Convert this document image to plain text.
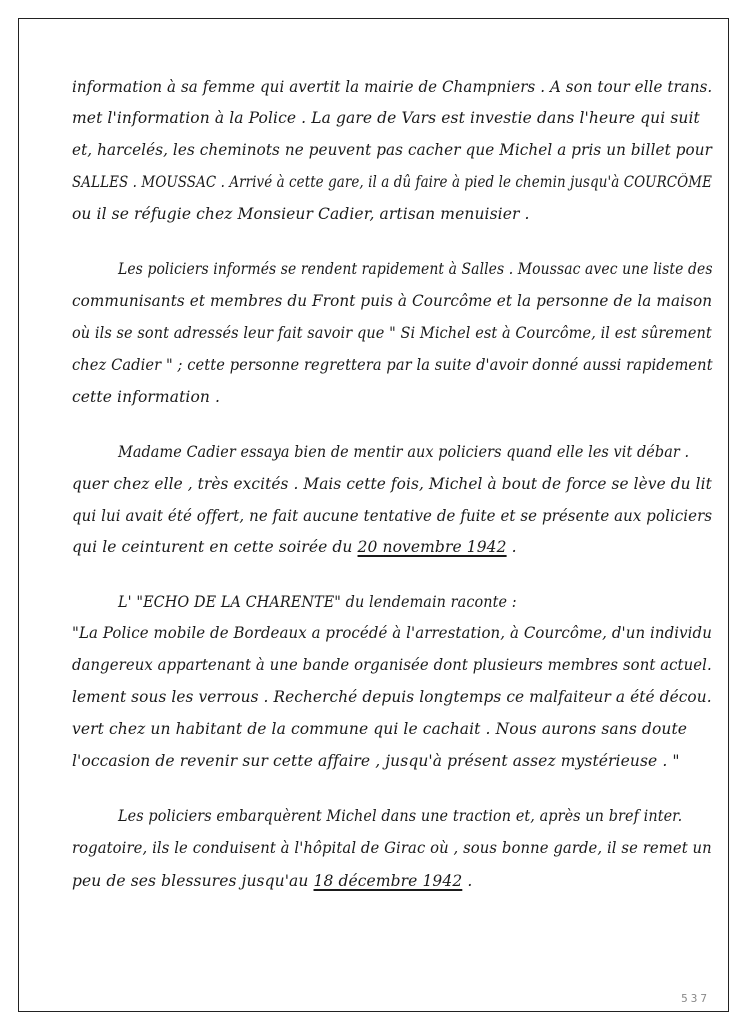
information à sa femme qui avertit la mairie de Champniers . A son tour elle trans.
met l'information à la Police . La gare de Vars est investie dans l'heure qui suit
et, harcelés, les cheminots ne peuvent pas cacher que Michel a pris un billet pour
SALLES . MOUSSAC . Arrivé à cette gare, il a dû faire à pied le chemin jusqu'à COURCÔME
ou il se réfugie chez Monsieur Cadier, artisan menuisier .
Les policiers informés se rendent rapidement à Salles . Moussac avec une liste des
communisants et membres du Front puis à Courcôme et la personne de la maison
où ils se sont adressés leur fait savoir que " Si Michel est à Courcôme, il est sûrement
chez Cadier " ; cette personne regrettera par la suite d'avoir donné aussi rapidement
cette information .
Madame Cadier essaya bien de mentir aux policiers quand elle les vit débar .
quer chez elle , très excités . Mais cette fois, Michel à bout de force se lève du lit
qui lui avait été offert, ne fait aucune tentative de fuite et se présente aux policiers
qui le ceinturent en cette soirée du 20 novembre 1942 .
L' "ECHO DE LA CHARENTE" du lendemain raconte :
"La Police mobile de Bordeaux a procédé à l'arrestation, à Courcôme, d'un individu
dangereux appartenant à une bande organisée dont plusieurs membres sont actuel.
lement sous les verrous . Recherché depuis longtemps ce malfaiteur a été décou.
vert chez un habitant de la commune qui le cachait . Nous aurons sans doute
l'occasion de revenir sur cette affaire , jusqu'à présent assez mystérieuse . "
Les policiers embarquèrent Michel dans une traction et, après un bref inter.
rogatoire, ils le conduisent à l'hôpital de Girac où , sous bonne garde, il se remet un
peu de ses blessures jusqu'au 18 décembre 1942 .
537
